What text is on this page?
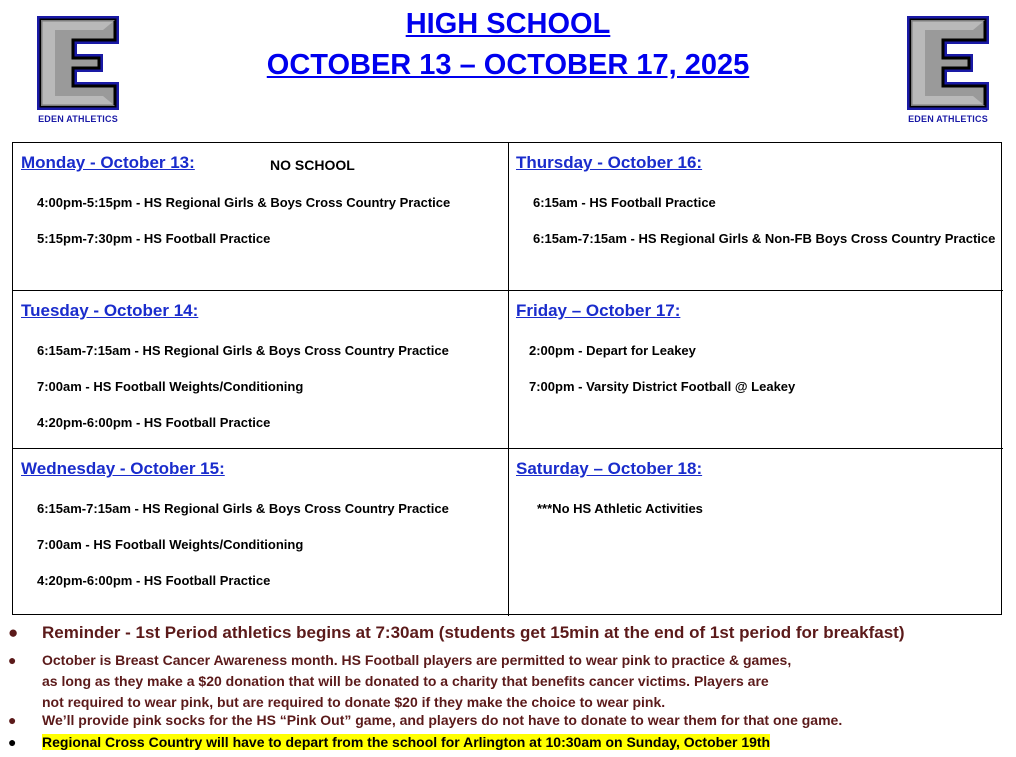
HIGH SCHOOL
OCTOBER 13 – OCTOBER 17, 2025
EDEN ATHLETICS	EDEN ATHLETICS
Monday - October 13:	NO SCHOOL
4:00pm-5:15pm - HS Regional Girls & Boys Cross Country Practice
5:15pm-7:30pm - HS Football Practice
Thursday - October 16:
6:15am - HS Football Practice
6:15am-7:15am - HS Regional Girls & Non-FB Boys Cross Country Practice
Tuesday - October 14:
6:15am-7:15am - HS Regional Girls & Boys Cross Country Practice
7:00am - HS Football Weights/Conditioning
4:20pm-6:00pm - HS Football Practice
Friday – October 17:
2:00pm - Depart for Leakey
7:00pm - Varsity District Football @ Leakey
Wednesday - October 15:
6:15am-7:15am - HS Regional Girls & Boys Cross Country Practice
7:00am - HS Football Weights/Conditioning
4:20pm-6:00pm - HS Football Practice
Saturday – October 18:
***No HS Athletic Activities
● Reminder - 1st Period athletics begins at 7:30am (students get 15min at the end of 1st period for breakfast)
● October is Breast Cancer Awareness month. HS Football players are permitted to wear pink to practice & games,
as long as they make a $20 donation that will be donated to a charity that benefits cancer victims. Players are
not required to wear pink, but are required to donate $20 if they make the choice to wear pink.
● We’ll provide pink socks for the HS “Pink Out” game, and players do not have to donate to wear them for that one game.
● Regional Cross Country will have to depart from the school for Arlington at 10:30am on Sunday, October 19th
